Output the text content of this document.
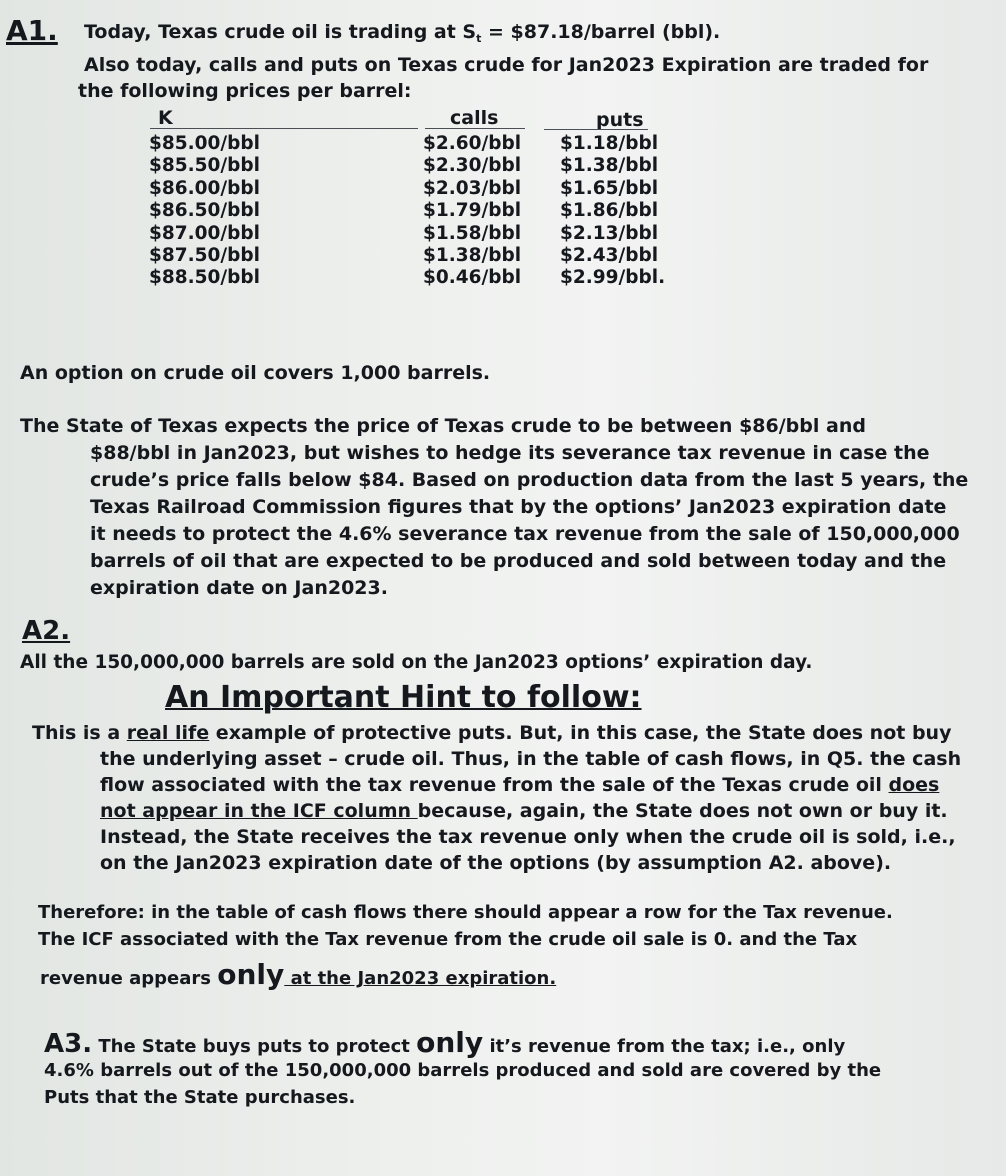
A1. Today, Texas crude oil is trading at $S_t$ = $87.18/barrel (bbl).
Also today, calls and puts on Texas crude for Jan2023 Expiration are traded for
the following prices per barrel:
K	calls	puts
$85.00/bbl
$85.50/bbl
$86.00/bbl
$86.50/bbl
$87.00/bbl
$87.50/bbl
$88.50/bbl
$2.60/bbl
$2.30/bbl
$2.03/bbl
$1.79/bbl
$1.58/bbl
$1.38/bbl
$0.46/bbl
$1.18/bbl
$1.38/bbl
$1.65/bbl
$1.86/bbl
$2.13/bbl
$2.43/bbl
$2.99/bbl.
An option on crude oil covers 1,000 barrels.
The State of Texas expects the price of Texas crude to be between $86/bbl and
$88/bbl in Jan2023, but wishes to hedge its severance tax revenue in case the
crude’s price falls below $84. Based on production data from the last 5 years, the
Texas Railroad Commission figures that by the options’ Jan2023 expiration date
it needs to protect the 4.6% severance tax revenue from the sale of 150,000,000
barrels of oil that are expected to be produced and sold between today and the
expiration date on Jan2023.
A2.
All the 150,000,000 barrels are sold on the Jan2023 options’ expiration day.
An Important Hint to follow:
This is a real life example of protective puts. But, in this case, the State does not buy
the underlying asset – crude oil. Thus, in the table of cash flows, in Q5. the cash
flow associated with the tax revenue from the sale of the Texas crude oil does
not appear in the ICF column because, again, the State does not own or buy it.
Instead, the State receives the tax revenue only when the crude oil is sold, i.e.,
on the Jan2023 expiration date of the options (by assumption A2. above).
Therefore: in the table of cash flows there should appear a row for the Tax revenue.
The ICF associated with the Tax revenue from the crude oil sale is 0. and the Tax
revenue appears only at the Jan2023 expiration.
A3. The State buys puts to protect only it’s revenue from the tax; i.e., only
4.6% barrels out of the 150,000,000 barrels produced and sold are covered by the
Puts that the State purchases.
